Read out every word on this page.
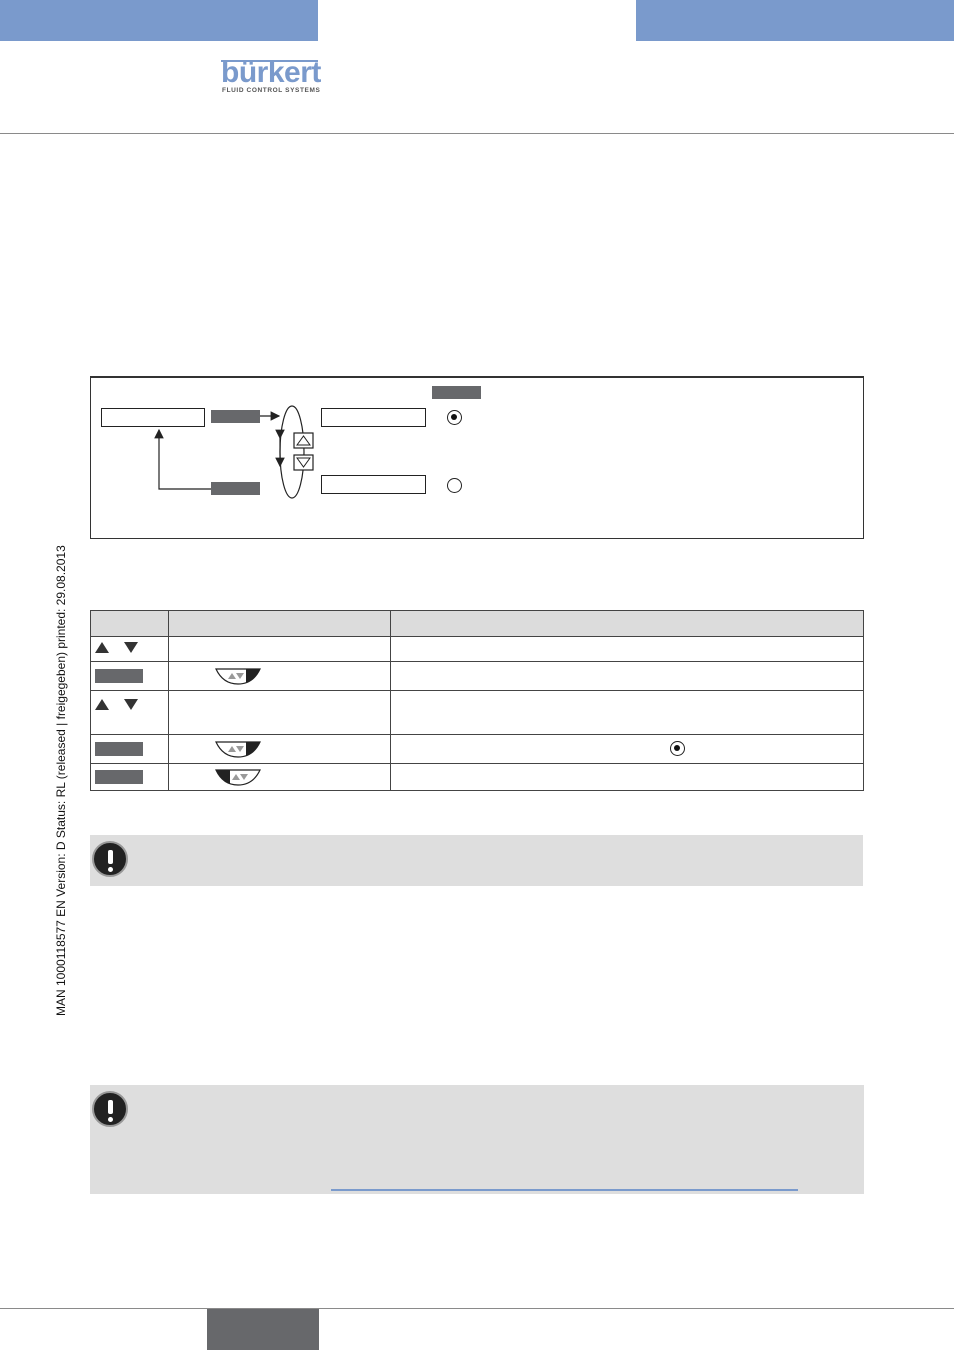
bürkert
FLUID CONTROL SYSTEMS
MAN 1000118577 EN Version: D Status: RL (released | freigegeben) printed: 29.08.2013
